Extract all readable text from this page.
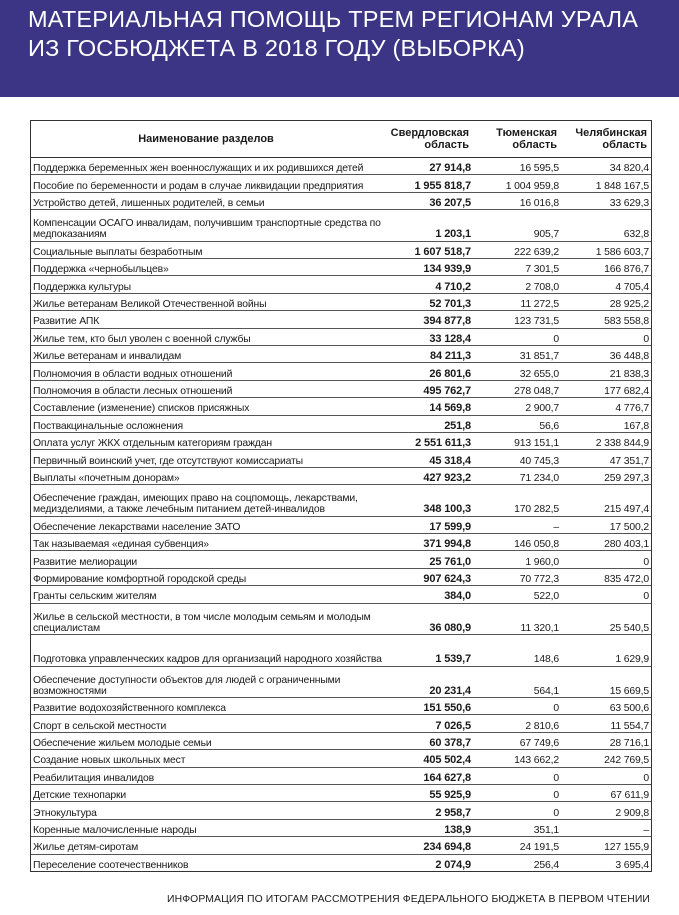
МАТЕРИАЛЬНАЯ ПОМОЩЬ ТРЕМ РЕГИОНАМ УРАЛА ИЗ ГОСБЮДЖЕТА В 2018 ГОДУ (ВЫБОРКА)
(ТЫС. РУБ.)
Наименование разделов	Свердловская область	Тюменская область	Челябинская область
Поддержка беременных жен военнослужащих и их родившихся детей	27 914,8	16 595,5	34 820,4
Пособие по беременности и родам в случае ликвидации предприятия	1 955 818,7	1 004 959,8	1 848 167,5
Устройство детей, лишенных родителей, в семьи	36 207,5	16 016,8	33 629,3
Компенсации ОСАГО инвалидам, получившим транспортные средства по медпоказаниям	1 203,1	905,7	632,8
Социальные выплаты безработным	1 607 518,7	222 639,2	1 586 603,7
Поддержка «чернобыльцев»	134 939,9	7 301,5	166 876,7
Поддержка культуры	4 710,2	2 708,0	4 705,4
Жилье ветеранам Великой Отечественной войны	52 701,3	11 272,5	28 925,2
Развитие АПК	394 877,8	123 731,5	583 558,8
Жилье тем, кто был уволен с военной службы	33 128,4	0	0
Жилье ветеранам и инвалидам	84 211,3	31 851,7	36 448,8
Полномочия в области водных отношений	26 801,6	32 655,0	21 838,3
Полномочия в области лесных отношений	495 762,7	278 048,7	177 682,4
Составление (изменение) списков присяжных	14 569,8	2 900,7	4 776,7
Поствакцинальные осложнения	251,8	56,6	167,8
Оплата услуг ЖКХ отдельным категориям граждан	2 551 611,3	913 151,1	2 338 844,9
Первичный воинский учет, где отсутствуют комиссариаты	45 318,4	40 745,3	47 351,7
Выплаты «почетным донорам»	427 923,2	71 234,0	259 297,3
Обеспечение граждан, имеющих право на соцпомощь, лекарствами, медизделиями, а также лечебным питанием детей-инвалидов	348 100,3	170 282,5	215 497,4
Обеспечение лекарствами население ЗАТО	17 599,9	–	17 500,2
Так называемая «единая субвенция»	371 994,8	146 050,8	280 403,1
Развитие мелиорации	25 761,0	1 960,0	0
Формирование комфортной городской среды	907 624,3	70 772,3	835 472,0
Гранты сельским жителям	384,0	522,0	0
Жилье в сельской местности, в том числе молодым семьям и молодым специалистам	36 080,9	11 320,1	25 540,5
Подготовка управленческих кадров для организаций народного хозяйства	1 539,7	148,6	1 629,9
Обеспечение доступности объектов для людей с ограниченными возможностями	20 231,4	564,1	15 669,5
Развитие водохозяйственного комплекса	151 550,6	0	63 500,6
Спорт в сельской местности	7 026,5	2 810,6	11 554,7
Обеспечение жильем молодые семьи	60 378,7	67 749,6	28 716,1
Создание новых школьных мест	405 502,4	143 662,2	242 769,5
Реабилитация инвалидов	164 627,8	0	0
Детские технопарки	55 925,9	0	67 611,9
Этнокультура	2 958,7	0	2 909,8
Коренные малочисленные народы	138,9	351,1	–
Жилье детям-сиротам	234 694,8	24 191,5	127 155,9
Переселение соотечественников	2 074,9	256,4	3 695,4
ИНФОРМАЦИЯ ПО ИТОГАМ РАССМОТРЕНИЯ ФЕДЕРАЛЬНОГО БЮДЖЕТА В ПЕРВОМ ЧТЕНИИ
